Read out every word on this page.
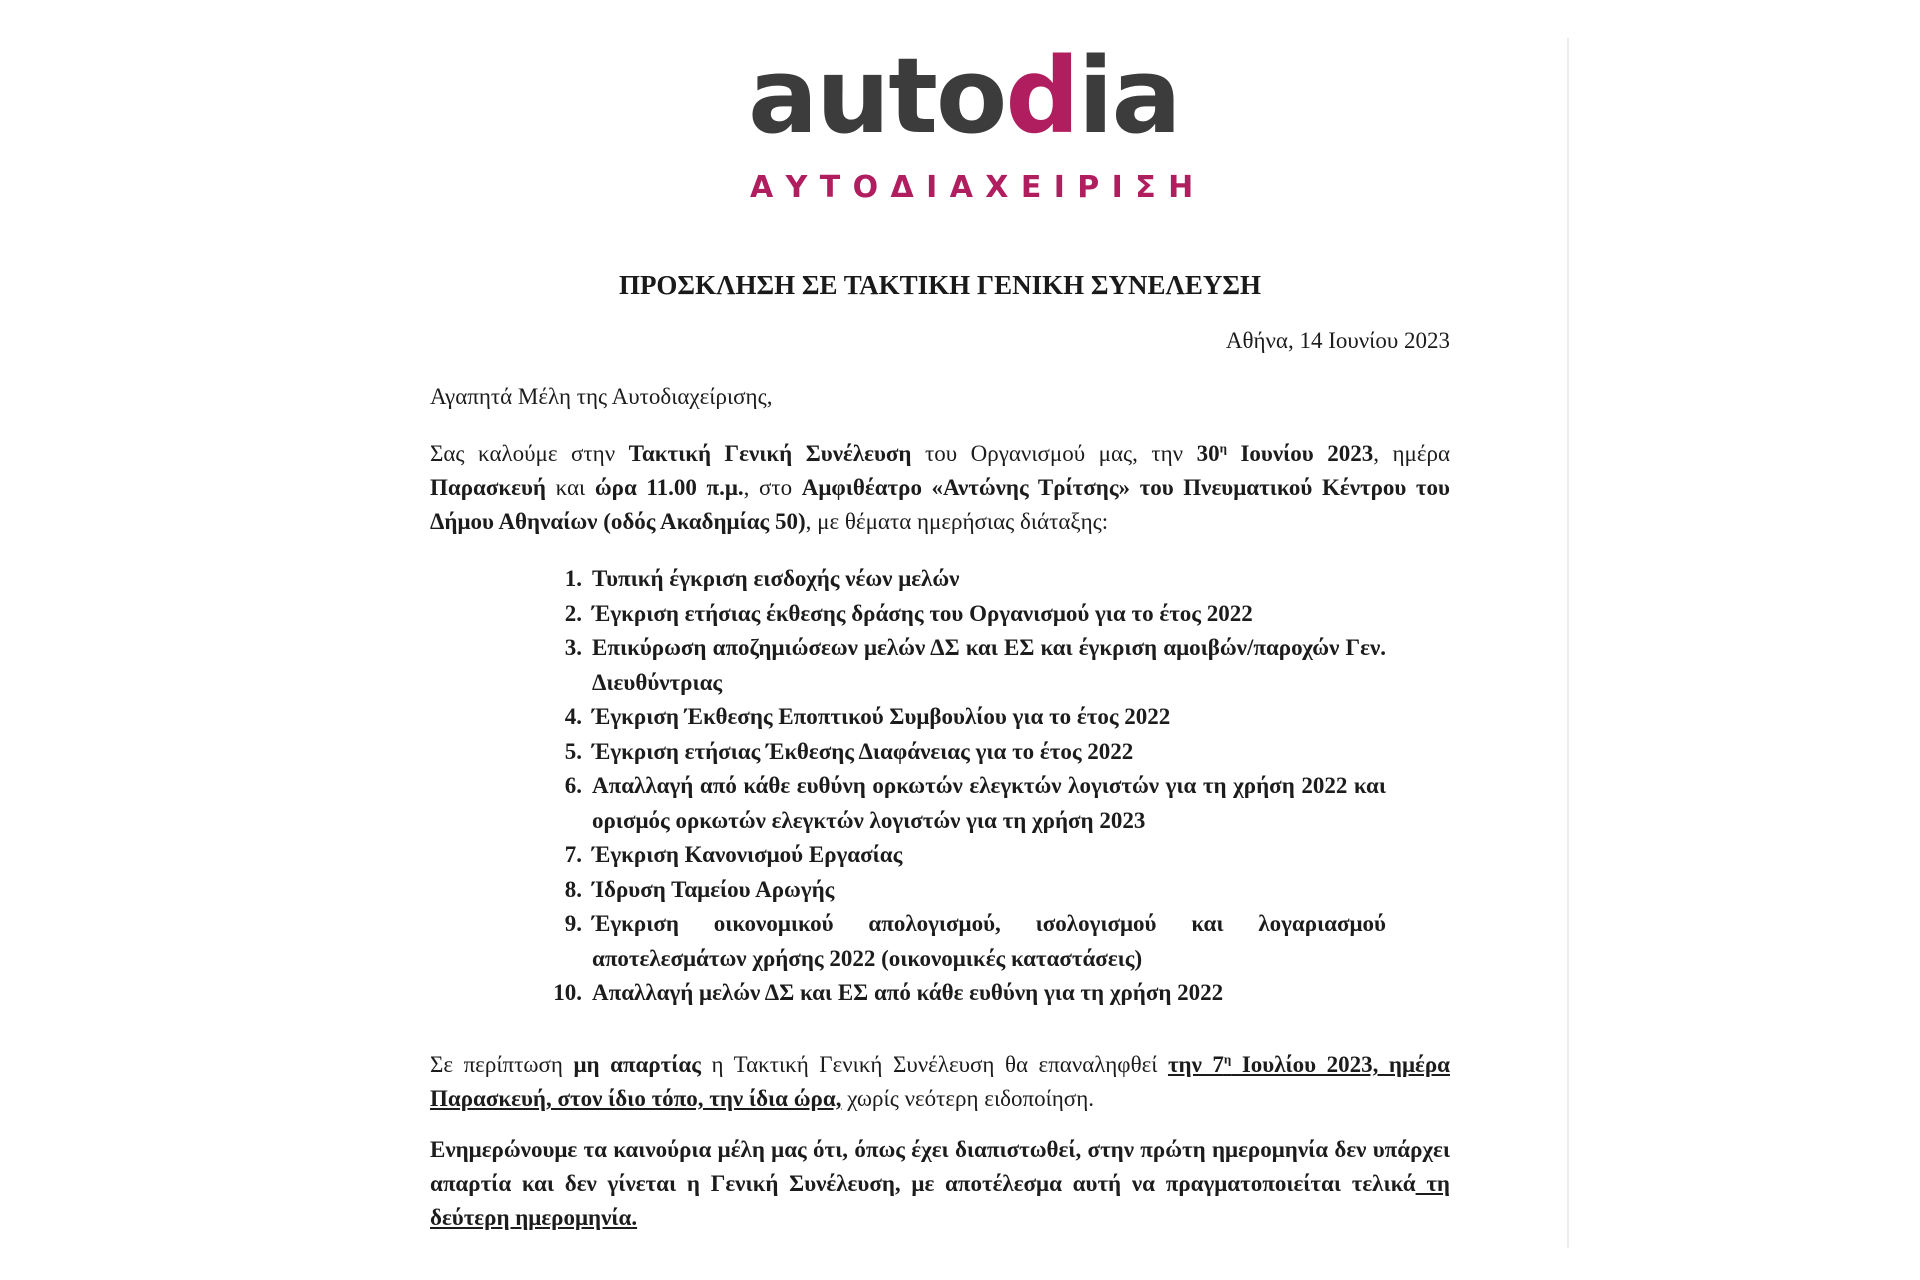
autodia
ΑΥΤΟΔΙΑΧΕΙΡΙΣΗ
ΠΡΟΣΚΛΗΣΗ ΣΕ ΤΑΚΤΙΚΗ ΓΕΝΙΚΗ ΣΥΝΕΛΕΥΣΗ
Αθήνα, 14 Ιουνίου 2023
Αγαπητά Μέλη της Αυτοδιαχείρισης,
Σας καλούμε στην Τακτική Γενική Συνέλευση του Οργανισμού μας, την $30^\eta$ Ιουνίου 2023, ημέρα Παρασκευή και ώρα 11.00 π.μ., στο Αμφιθέατρο «Αντώνης Τρίτσης» του Πνευματικού Κέντρου του Δήμου Αθηναίων (οδός Ακαδημίας 50), με θέματα ημερήσιας διάταξης:
1. Τυπική έγκριση εισδοχής νέων μελών
2. Έγκριση ετήσιας έκθεσης δράσης του Οργανισμού για το έτος 2022
3. Επικύρωση αποζημιώσεων μελών ΔΣ και ΕΣ και έγκριση αμοιβών/παροχών Γεν. Διευθύντριας
4. Έγκριση Έκθεσης Εποπτικού Συμβουλίου για το έτος 2022
5. Έγκριση ετήσιας Έκθεσης Διαφάνειας για το έτος 2022
6. Απαλλαγή από κάθε ευθύνη ορκωτών ελεγκτών λογιστών για τη χρήση 2022 και ορισμός ορκωτών ελεγκτών λογιστών για τη χρήση 2023
7. Έγκριση Κανονισμού Εργασίας
8. Ίδρυση Ταμείου Αρωγής
9. Έγκριση οικονομικού απολογισμού, ισολογισμού και λογαριασμού αποτελεσμάτων χρήσης 2022 (οικονομικές καταστάσεις)
10. Απαλλαγή μελών ΔΣ και ΕΣ από κάθε ευθύνη για τη χρήση 2022
Σε περίπτωση μη απαρτίας η Τακτική Γενική Συνέλευση θα επαναληφθεί την $7^\eta$ Ιουλίου 2023, ημέρα Παρασκευή, στον ίδιο τόπο, την ίδια ώρα, χωρίς νεότερη ειδοποίηση.
Ενημερώνουμε τα καινούρια μέλη μας ότι, όπως έχει διαπιστωθεί, στην πρώτη ημερομηνία δεν υπάρχει απαρτία και δεν γίνεται η Γενική Συνέλευση, με αποτέλεσμα αυτή να πραγματοποιείται τελικά τη δεύτερη ημερομηνία.
